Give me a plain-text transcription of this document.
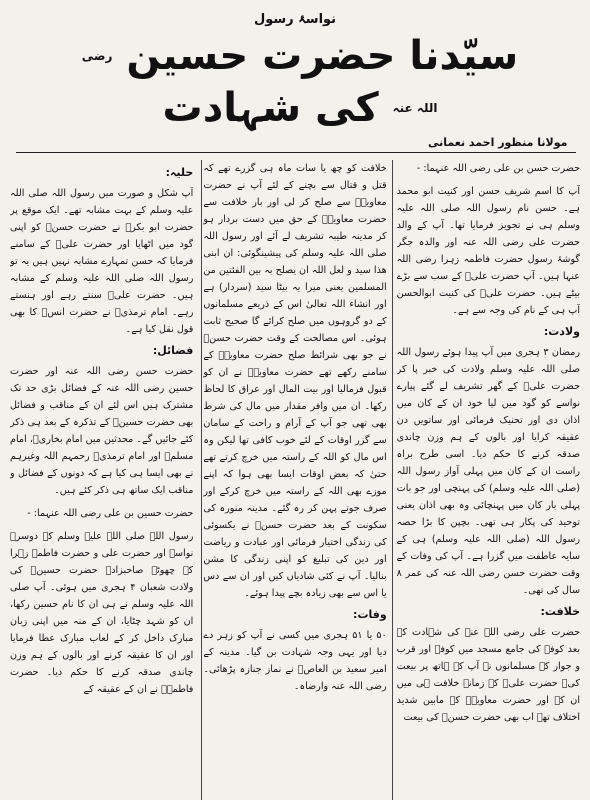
نواسۂ رسول
سیّدنا حضرت حسین $^{رضی اللہ عنہ}$ کی شہادت
مولانا منظور احمد نعمانی

حضرت حسن بن علی رضی اللہ عنہما: -

آپ کا اسم شریف حسن اور کنیت ابو محمد ہے۔ حسن نام رسول اللہ صلی اللہ علیہ وسلم ہی نے تجویز فرمایا تھا۔ آپ کے والد حضرت علی رضی اللہ عنہ اور والدہ جگر گوشۂ رسول حضرت فاطمہ زہرا رضی اللہ عنہا ہیں۔ آپ حضرت علیؓ کے سب سے بڑے بیٹے ہیں۔ حضرت علیؓ کی کنیت ابوالحسن آپ ہی کے نام کی وجہ سے ہے۔

ولادت:

رمضان ۳ ہجری میں آپ پیدا ہوئے رسول اللہ صلی اللہ علیہ وسلم ولادت کی خبر پا کر حضرت علیؓ کے گھر تشریف لے گئے پیارے نواسے کو گود میں لیا خود ان کے کان میں اذان دی اور تحنیک فرمائی اور ساتویں دن عقیقہ کرایا اور بالوں کے ہم وزن چاندی صدقہ کرنے کا حکم دیا۔ اسی طرح براہ راست ان کے کان میں پہلی آواز رسول اللہ (صلی اللہ علیہ وسلم) کی پہنچی اور جو بات پہلی بار کان میں پہنچائی وہ بھی اذان یعنی توحید کی پکار ہی تھی۔ بچپن کا بڑا حصہ رسول اللہ (صلی اللہ علیہ وسلم) ہی کے سایہ عاطفت میں گزرا ہے۔ آپ کی وفات کے وقت حضرت حسن رضی اللہ عنہ کی عمر ۸ سال کی تھی۔

خلافت:

حضرت علی رضی اللہ عنہ کی شہادت کے بعد کوفہ کی جامع مسجد میں کوفہ اور قرب و جوار کے مسلمانوں نے آپ کے ہاتھ پر بیعت کی۔ حضرت علیؓ کے زمانہ خلافت ہی میں ان کے اور حضرت معاویہؓ کے مابین شدید اختلاف تھے اب بھی حضرت حسنؓ کی بیعت

خلافت کو چھ یا سات ماہ ہی گزرے تھے کہ قتل و قتال سے بچنے کے لئے آپ نے حضرت معاویہؓ سے صلح کر لی اور بار خلافت سے حضرت معاویہؓ کے حق میں دست بردار ہو کر مدینہ طیبہ تشریف لے آئے اور رسول اللہ صلی اللہ علیہ وسلم کی پیشینگوئی: ان ابنی ھذا سید و لعل اللہ ان یصلح بہ بین الفئتین من المسلمین یعنی میرا یہ بیٹا سید (سردار) ہے اور انشاء اللہ تعالیٰ اس کے ذریعے مسلمانوں کے دو گروہوں میں صلح کرائے گا صحیح ثابت ہوئی۔ اس مصالحت کے وقت حضرت حسنؓ نے جو بھی شرائط صلح حضرت معاویہؓ کے سامنے رکھے تھے حضرت معاویہؓ نے ان کو قبول فرمالیا اور بیت المال اور عراق کا لحاظ رکھا۔ ان میں وافر مقدار میں مال کی شرط بھی تھی جو آپ کے آرام و راحت کے سامان سے گزر اوقات کے لئے خوب کافی تھا لیکن وہ اس مال کو اللہ کے راستہ میں خرچ کرتے تھے حتیٰ کہ بعض اوقات ایسا بھی ہوا کہ اپنے موزے بھی اللہ کے راستہ میں خرچ کرکے اور صرف جوتے پہن کر رہ گئے۔ مدینہ منورہ کی سکونت کے بعد حضرت حسنؓ نے یکسوئی کی زندگی اختیار فرمائی اور عبادت و ریاضت اور دین کی تبلیغ کو اپنی زندگی کا مشن بنالیا۔ آپ نے کئی شادیاں کیں اور ان سے دس یا اس سے بھی زیادہ بچے پیدا ہوئے۔

وفات:

۵۰ یا ۵۱ ہجری میں کسی نے آپ کو زہر دے دیا اور یہی وجہ شہادت بن گیا۔ مدینہ کے امیر سعید بن العاصؓ نے نماز جنازہ پڑھائی۔ رضی اللہ عنہ وارضاہ۔

حلیہ:

آپ شکل و صورت میں رسول اللہ صلی اللہ علیہ وسلم کے بہت مشابہ تھے۔ ایک موقع پر حضرت ابو بکرؓ نے حضرت حسنؓ کو اپنی گود میں اٹھایا اور حضرت علیؓ کے سامنے فرمایا کہ حسن تمہارے مشابہ نہیں ہیں یہ تو رسول اللہ صلی اللہ علیہ وسلم کے مشابہ ہیں۔ حضرت علیؓ سنتے رہے اور ہنستے رہے۔ امام ترمذیؒ نے حضرت انسؓ کا بھی قول نقل کیا ہے۔

فضائل:

حضرت حسن رضی اللہ عنہ اور حضرت حسین رضی اللہ عنہ کے فضائل بڑی حد تک مشترک ہیں اس لئے ان کے مناقب و فضائل بھی حضرت حسینؓ کے تذکرہ کے بعد ہی ذکر کئے جائیں گے۔ محدثین میں امام بخاریؒ، امام مسلمؒ اور امام ترمذیؒ رحمہم اللہ وغیرہم نے بھی ایسا ہی کیا ہے کہ دونوں کے فضائل و مناقب ایک ساتھ ہی ذکر کئے ہیں۔

حضرت حسین بن علی رضی اللہ عنہما: -

رسول اللہ صلی اللہ علیہ وسلم کے دوسرے نواسے اور حضرت علی و حضرت فاطمہ زہرا کے چھوٹے صاحبزادے حضرت حسینؓ کی ولادت شعبان ۴ ہجری میں ہوئی۔ آپ صلی اللہ علیہ وسلم نے ہی ان کا نام حسین رکھا، ان کو شہد چٹایا، ان کے منہ میں اپنی زبان مبارک داخل کر کے لعاب مبارک عطا فرمایا اور ان کا عقیقہ کرنے اور بالوں کے ہم وزن چاندی صدقہ کرنے کا حکم دیا۔ حضرت فاطمہؓ نے ان کے عقیقہ کے
